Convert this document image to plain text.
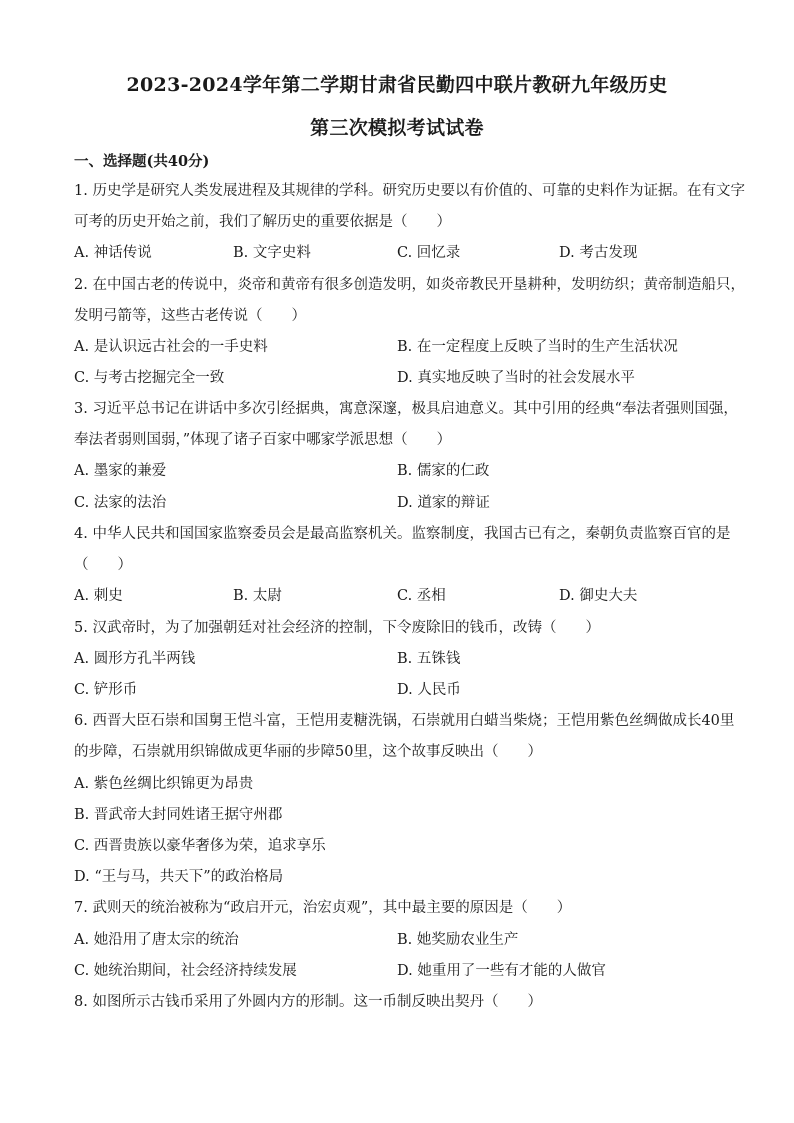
2023-2024学年第二学期甘肃省民勤四中联片教研九年级历史
第三次模拟考试试卷
一、选择题(共40分)
1. 历史学是研究人类发展进程及其规律的学科。研究历史要以有价值的、可靠的史料作为证据。在有文字
可考的历史开始之前，我们了解历史的重要依据是（　　）
A. 神话传说	B. 文字史料	C. 回忆录	D. 考古发现
2. 在中国古老的传说中，炎帝和黄帝有很多创造发明，如炎帝教民开垦耕种，发明纺织；黄帝制造船只，
发明弓箭等，这些古老传说（　　）
A. 是认识远古社会的一手史料	B. 在一定程度上反映了当时的生产生活状况
C. 与考古挖掘完全一致	D. 真实地反映了当时的社会发展水平
3. 习近平总书记在讲话中多次引经据典，寓意深邃，极具启迪意义。其中引用的经典“奉法者强则国强，
奉法者弱则国弱，”体现了诸子百家中哪家学派思想（　　）
A. 墨家的兼爱	B. 儒家的仁政
C. 法家的法治	D. 道家的辩证
4. 中华人民共和国国家监察委员会是最高监察机关。监察制度，我国古已有之，秦朝负责监察百官的是
（　　）
A. 刺史	B. 太尉	C. 丞相	D. 御史大夫
5. 汉武帝时，为了加强朝廷对社会经济的控制，下令废除旧的钱币，改铸（　　）
A. 圆形方孔半两钱	B. 五铢钱
C. 铲形币	D. 人民币
6. 西晋大臣石崇和国舅王恺斗富，王恺用麦糖洗锅，石崇就用白蜡当柴烧；王恺用紫色丝绸做成长40里
的步障，石崇就用织锦做成更华丽的步障50里，这个故事反映出（　　）
A. 紫色丝绸比织锦更为昂贵
B. 晋武帝大封同姓诸王据守州郡
C. 西晋贵族以豪华奢侈为荣，追求享乐
D. “王与马，共天下”的政治格局
7. 武则天的统治被称为“政启开元，治宏贞观”，其中最主要的原因是（　　）
A. 她沿用了唐太宗的统治	B. 她奖励农业生产
C. 她统治期间，社会经济持续发展	D. 她重用了一些有才能的人做官
8. 如图所示古钱币采用了外圆内方的形制。这一币制反映出契丹（　　）
